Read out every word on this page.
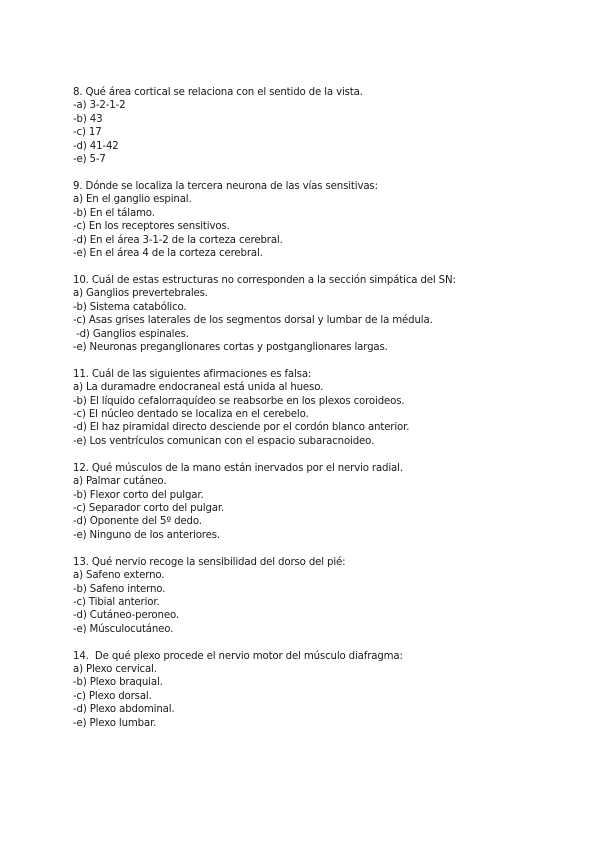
8. Qué área cortical se relaciona con el sentido de la vista.
-a) 3-2-1-2
-b) 43
-c) 17
-d) 41-42
-e) 5-7
9. Dónde se localiza la tercera neurona de las vías sensitivas:
a) En el ganglio espinal.
-b) En el tálamo.
-c) En los receptores sensitivos.
-d) En el área 3-1-2 de la corteza cerebral.
-e) En el área 4 de la corteza cerebral.
10. Cuál de estas estructuras no corresponden a la sección simpática del SN:
a) Ganglios prevertebrales.
-b) Sistema catabólico.
-c) Asas grises laterales de los segmentos dorsal y lumbar de la médula.
-d) Ganglios espinales.
-e) Neuronas preganglionares cortas y postganglionares largas.
11. Cuál de las siguientes afirmaciones es falsa:
a) La duramadre endocraneal está unida al hueso.
-b) El líquido cefalorraquídeo se reabsorbe en los plexos coroideos.
-c) El núcleo dentado se localiza en el cerebelo.
-d) El haz piramidal directo desciende por el cordón blanco anterior.
-e) Los ventrículos comunican con el espacio subaracnoideo.
12. Qué músculos de la mano están inervados por el nervio radial.
a) Palmar cutáneo.
-b) Flexor corto del pulgar.
-c) Separador corto del pulgar.
-d) Oponente del 5º dedo.
-e) Ninguno de los anteriores.
13. Qué nervio recoge la sensibilidad del dorso del pié:
a) Safeno externo.
-b) Safeno interno.
-c) Tibial anterior.
-d) Cutáneo-peroneo.
-e) Músculocutáneo.
14.  De qué plexo procede el nervio motor del músculo diafragma:
a) Plexo cervical.
-b) Plexo braquial.
-c) Plexo dorsal.
-d) Plexo abdominal.
-e) Plexo lumbar.
